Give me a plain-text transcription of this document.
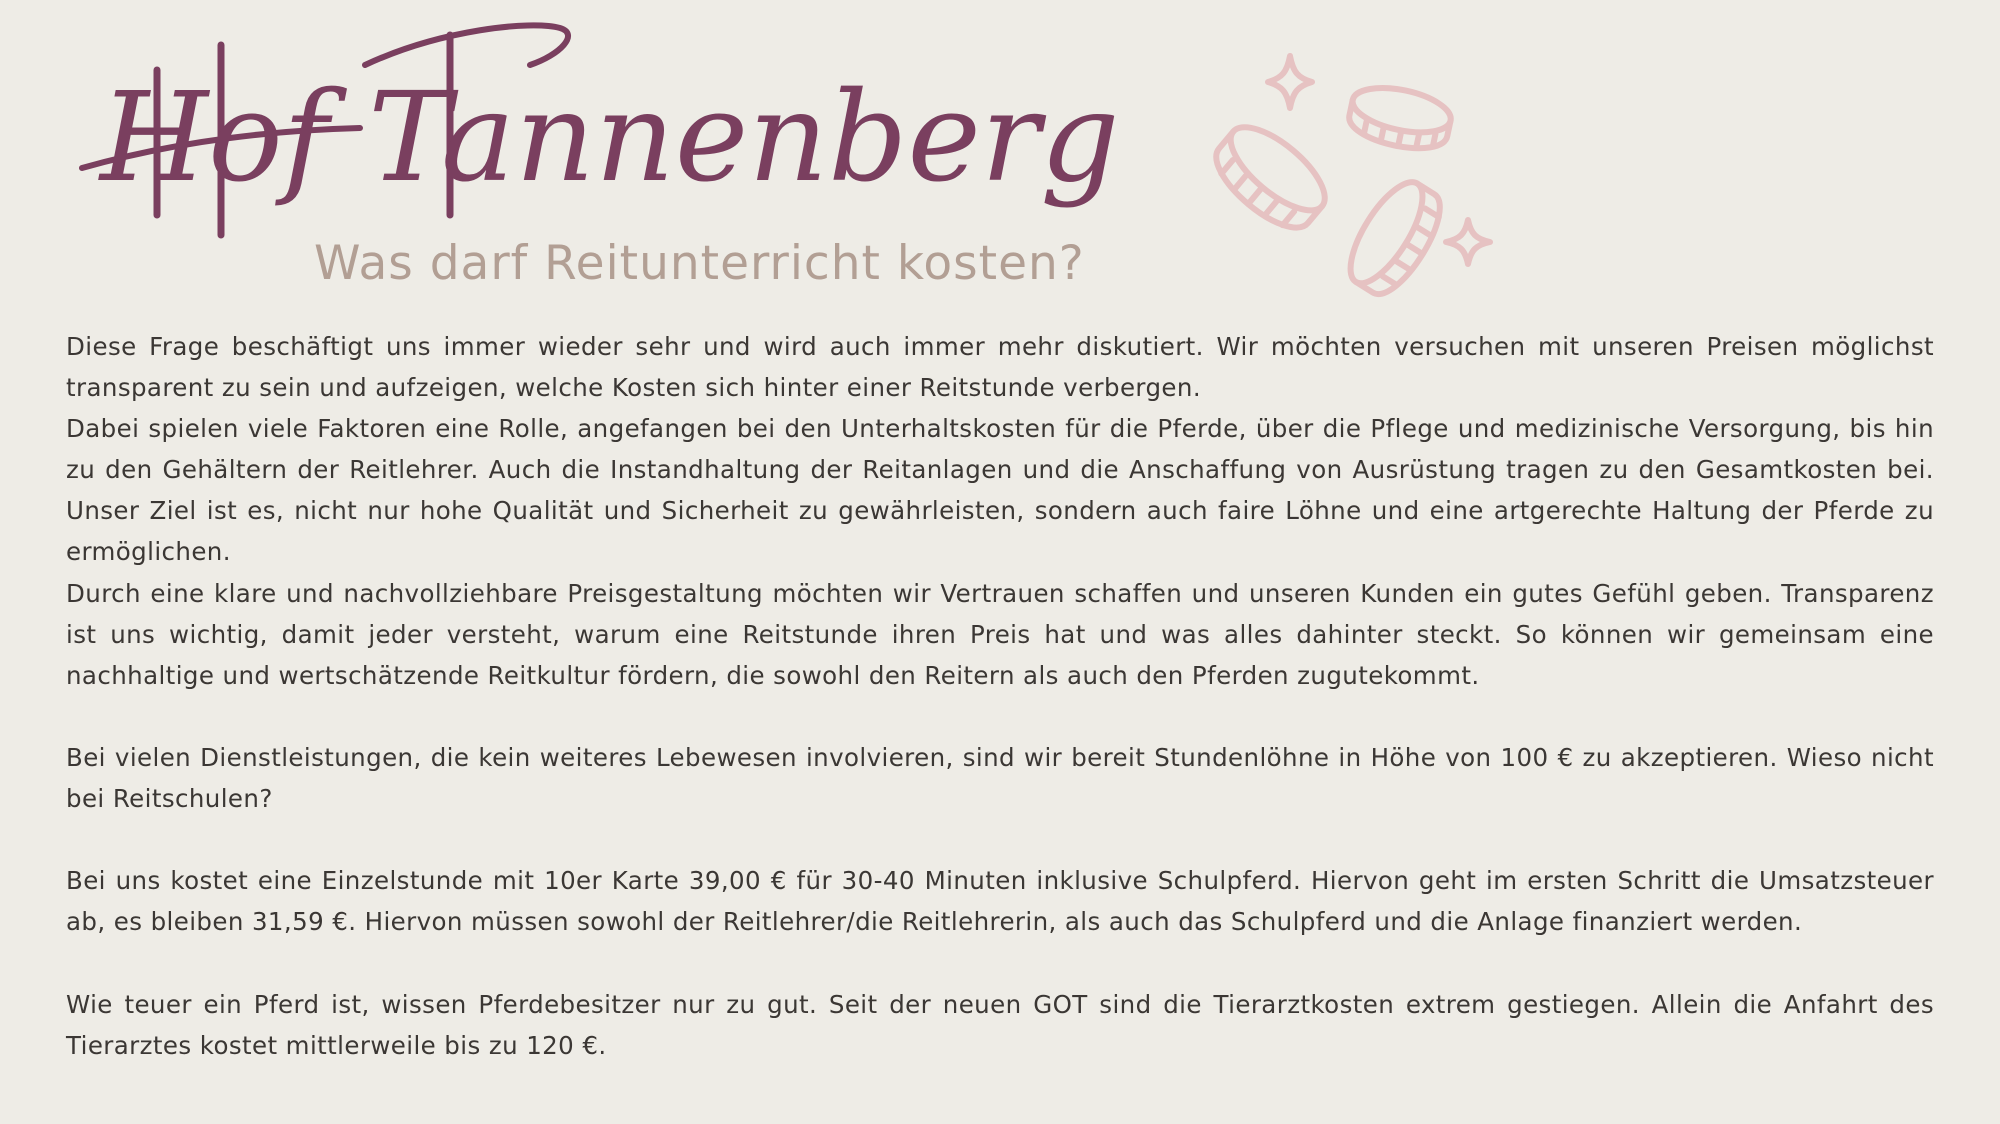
Hof Tannenberg
Was darf Reitunterricht kosten?

Diese Frage beschäftigt uns immer wieder sehr und wird auch immer mehr diskutiert. Wir möchten versuchen mit unseren Preisen möglichst transparent zu sein und aufzeigen, welche Kosten sich hinter einer Reitstunde verbergen.

Dabei spielen viele Faktoren eine Rolle, angefangen bei den Unterhaltskosten für die Pferde, über die Pflege und medizinische Versorgung, bis hin zu den Gehältern der Reitlehrer. Auch die Instandhaltung der Reitanlagen und die Anschaffung von Ausrüstung tragen zu den Gesamtkosten bei. Unser Ziel ist es, nicht nur hohe Qualität und Sicherheit zu gewährleisten, sondern auch faire Löhne und eine artgerechte Haltung der Pferde zu ermöglichen.

Durch eine klare und nachvollziehbare Preisgestaltung möchten wir Vertrauen schaffen und unseren Kunden ein gutes Gefühl geben. Transparenz ist uns wichtig, damit jeder versteht, warum eine Reitstunde ihren Preis hat und was alles dahinter steckt. So können wir gemeinsam eine nachhaltige und wertschätzende Reitkultur fördern, die sowohl den Reitern als auch den Pferden zugutekommt.

Bei vielen Dienstleistungen, die kein weiteres Lebewesen involvieren, sind wir bereit Stundenlöhne in Höhe von 100 € zu akzeptieren. Wieso nicht bei Reitschulen?

Bei uns kostet eine Einzelstunde mit 10er Karte 39,00 € für 30-40 Minuten inklusive Schulpferd. Hiervon geht im ersten Schritt die Umsatzsteuer ab, es bleiben 31,59 €. Hiervon müssen sowohl der Reitlehrer/die Reitlehrerin, als auch das Schulpferd und die Anlage finanziert werden.

Wie teuer ein Pferd ist, wissen Pferdebesitzer nur zu gut. Seit der neuen GOT sind die Tierarztkosten extrem gestiegen. Allein die Anfahrt des Tierarztes kostet mittlerweile bis zu 120 €.
